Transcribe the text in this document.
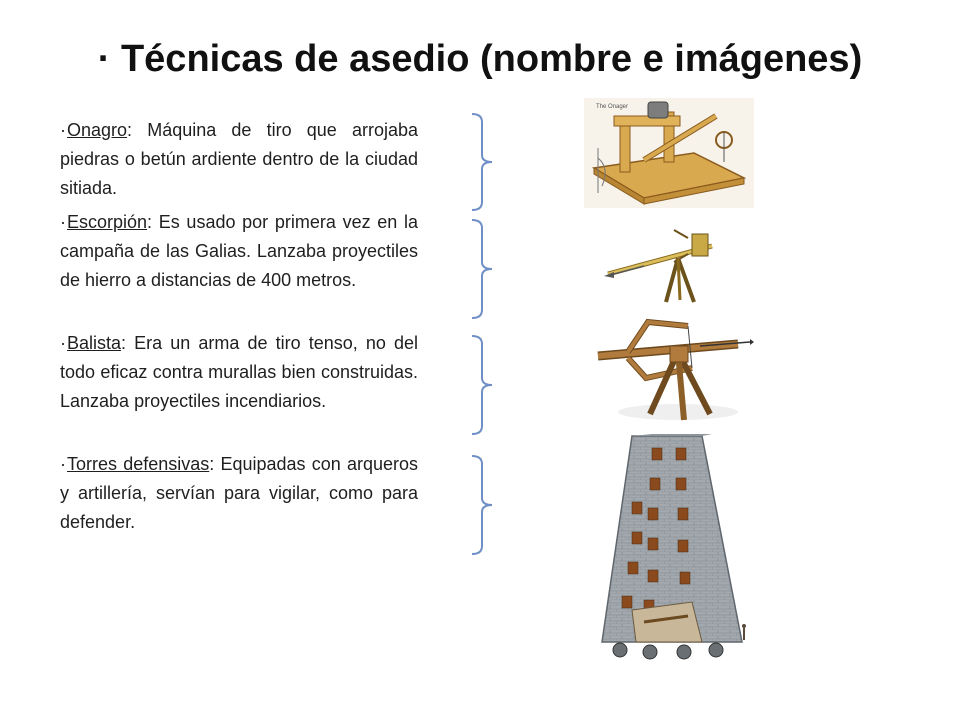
· Técnicas de asedio (nombre e imágenes)
·Onagro: Máquina de tiro que arrojaba piedras o betún ardiente dentro de la ciudad sitiada.
·Escorpión: Es usado por primera vez en la campaña de las Galias. Lanzaba proyectiles de hierro a distancias de 400 metros.
·Balista: Era un arma de tiro tenso, no del todo eficaz contra murallas bien construidas. Lanzaba proyectiles incendiarios.
·Torres defensivas: Equipadas con arqueros y artillería, servían para vigilar, como para defender.
The Onager
